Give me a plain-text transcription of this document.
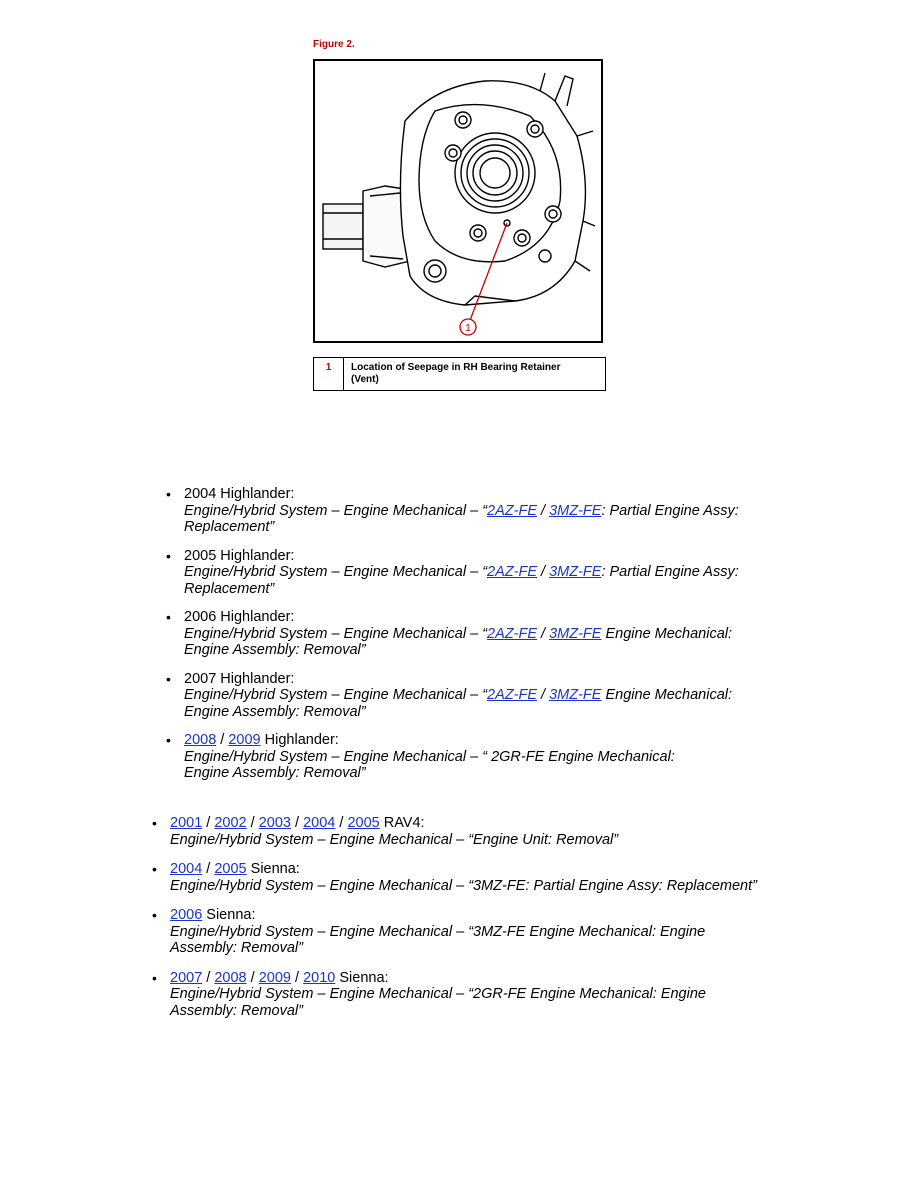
Figure 2.
1
1	Location of Seepage in RH Bearing Retainer
(Vent)
• 2004 Highlander:
Engine/Hybrid System – Engine Mechanical – “2AZ-FE / 3MZ-FE: Partial Engine Assy:
Replacement”
• 2005 Highlander:
Engine/Hybrid System – Engine Mechanical – “2AZ-FE / 3MZ-FE: Partial Engine Assy:
Replacement”
• 2006 Highlander:
Engine/Hybrid System – Engine Mechanical – “2AZ-FE / 3MZ-FE Engine Mechanical:
Engine Assembly: Removal”
• 2007 Highlander:
Engine/Hybrid System – Engine Mechanical – “2AZ-FE / 3MZ-FE Engine Mechanical:
Engine Assembly: Removal”
• 2008 / 2009 Highlander:
Engine/Hybrid System – Engine Mechanical – “ 2GR-FE Engine Mechanical:
Engine Assembly: Removal”
• 2001 / 2002 / 2003 / 2004 / 2005 RAV4:
Engine/Hybrid System – Engine Mechanical – “Engine Unit: Removal”
• 2004 / 2005 Sienna:
Engine/Hybrid System – Engine Mechanical – “3MZ-FE: Partial Engine Assy: Replacement”
• 2006 Sienna:
Engine/Hybrid System – Engine Mechanical – “3MZ-FE Engine Mechanical: Engine
Assembly: Removal”
• 2007 / 2008 / 2009 / 2010 Sienna:
Engine/Hybrid System – Engine Mechanical – “2GR-FE Engine Mechanical: Engine
Assembly: Removal”
